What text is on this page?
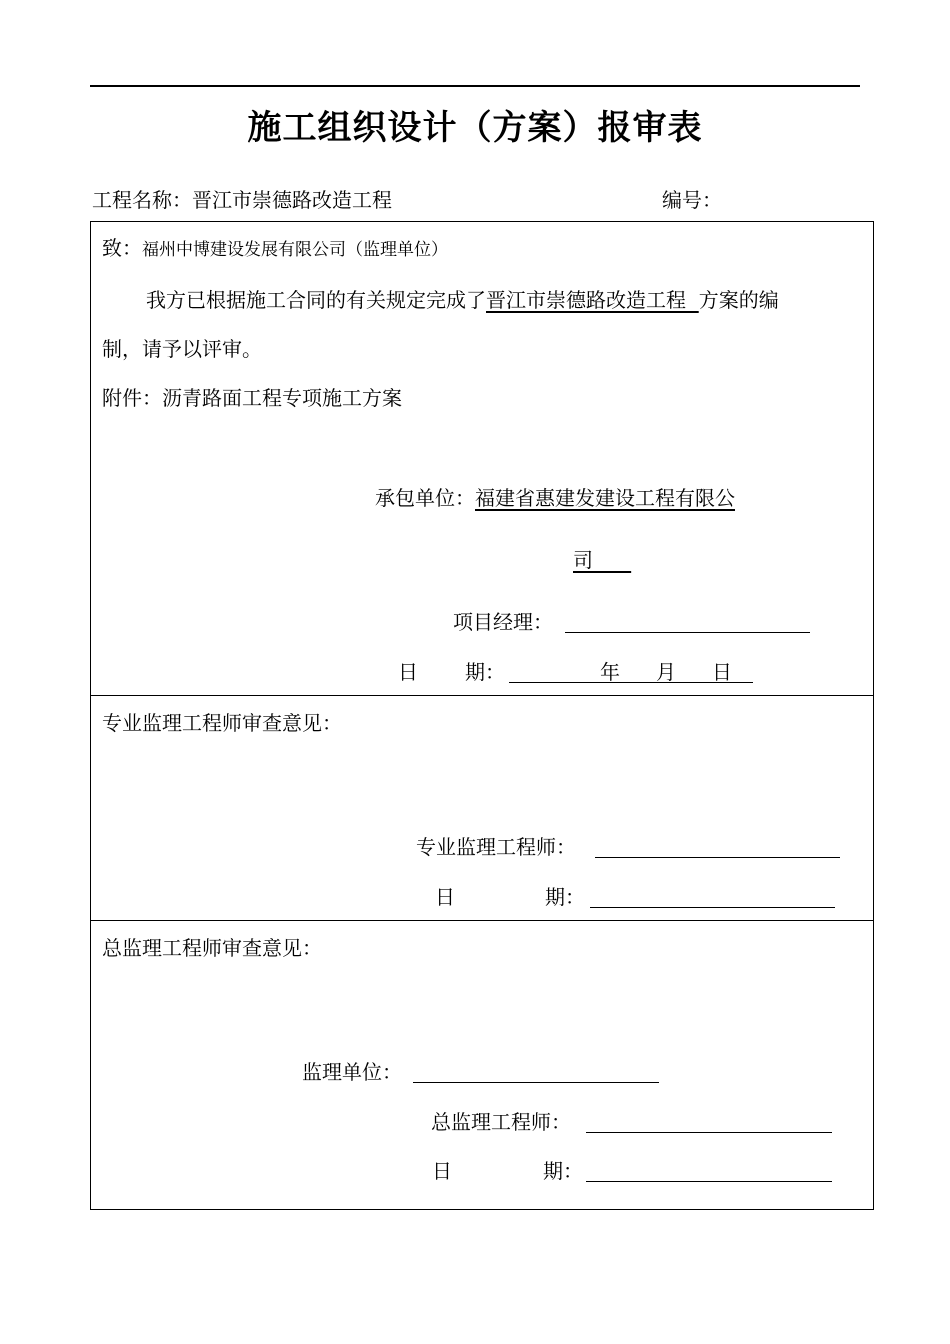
施工组织设计（方案）报审表
工程名称：晋江市崇德路改造工程	编号：
致：福州中博建设发展有限公司（监理单位）
我方已根据施工合同的有关规定完成了晋江市崇德路改造工程 方案的编
制，请予以评审。
附件：沥青路面工程专项施工方案
承包单位：福建省惠建发建设工程有限公
司
项目经理：
日 期：	年 月 日
专业监理工程师审查意见：
专业监理工程师：
日	期：
总监理工程师审查意见：
监理单位：
总监理工程师：
日	期：
